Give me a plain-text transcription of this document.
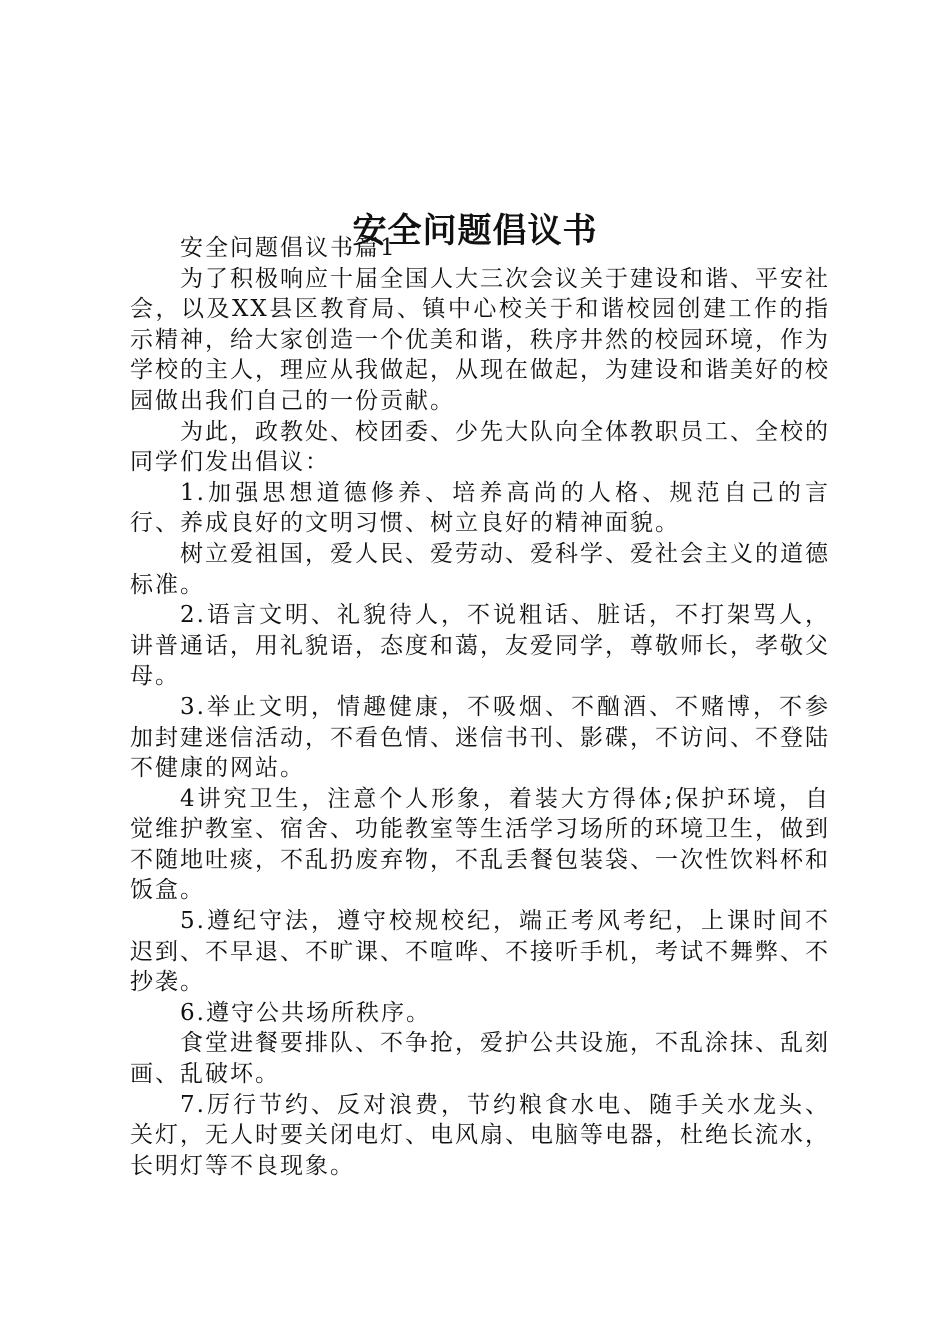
安全问题倡议书

安全问题倡议书篇1

为了积极响应十届全国人大三次会议关于建设和谐、平安社会，以及XX县区教育局、镇中心校关于和谐校园创建工作的指示精神，给大家创造一个优美和谐，秩序井然的校园环境，作为学校的主人，理应从我做起，从现在做起，为建设和谐美好的校园做出我们自己的一份贡献。

为此，政教处、校团委、少先大队向全体教职员工、全校的同学们发出倡议：

1.加强思想道德修养、培养高尚的人格、规范自己的言行、养成良好的文明习惯、树立良好的精神面貌。

树立爱祖国，爱人民、爱劳动、爱科学、爱社会主义的道德标准。

2.语言文明、礼貌待人，不说粗话、脏话，不打架骂人，讲普通话，用礼貌语，态度和蔼，友爱同学，尊敬师长，孝敬父母。

3.举止文明，情趣健康，不吸烟、不酗酒、不赌博，不参加封建迷信活动，不看色情、迷信书刊、影碟，不访问、不登陆不健康的网站。

4讲究卫生，注意个人形象，着装大方得体;保护环境，自觉维护教室、宿舍、功能教室等生活学习场所的环境卫生，做到不随地吐痰，不乱扔废弃物，不乱丢餐包装袋、一次性饮料杯和饭盒。

5.遵纪守法，遵守校规校纪，端正考风考纪，上课时间不迟到、不早退、不旷课、不喧哗、不接听手机，考试不舞弊、不抄袭。

6.遵守公共场所秩序。

食堂进餐要排队、不争抢，爱护公共设施，不乱涂抹、乱刻画、乱破坏。

7.厉行节约、反对浪费，节约粮食水电、随手关水龙头、关灯，无人时要关闭电灯、电风扇、电脑等电器，杜绝长流水，长明灯等不良现象。
